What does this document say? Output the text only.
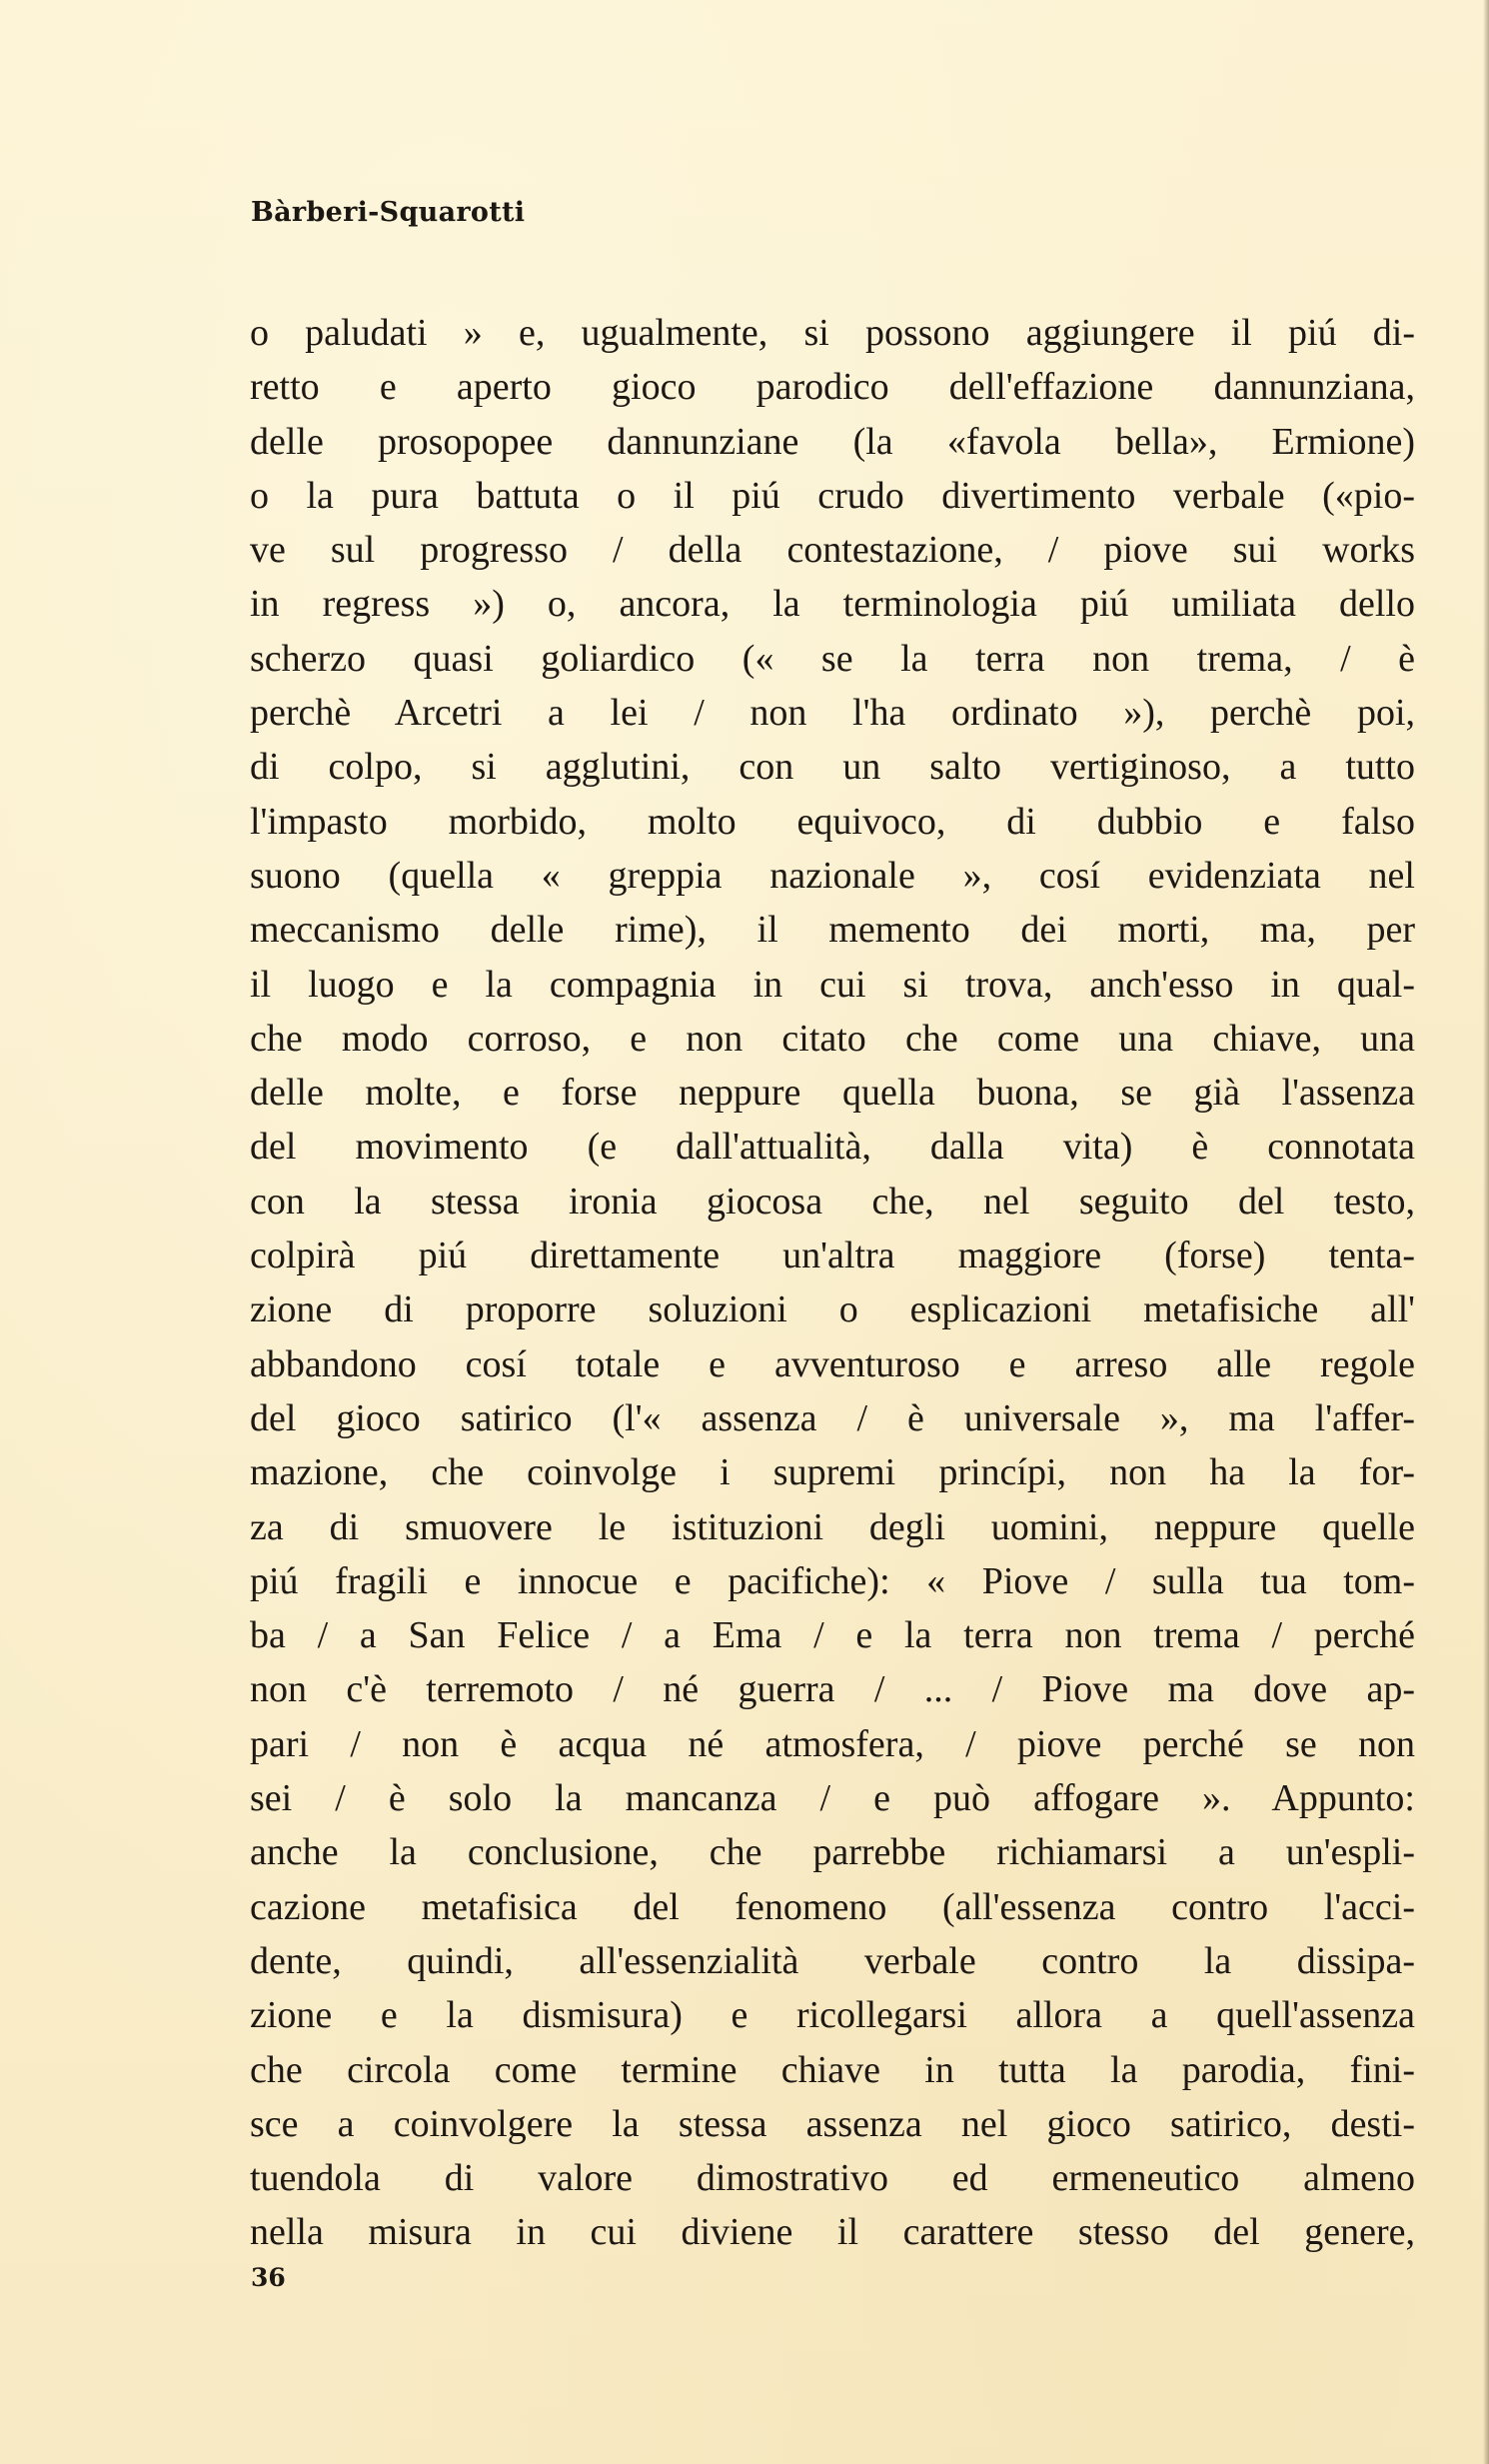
Bàrberi-Squarotti
o paludati » e, ugualmente, si possono aggiungere il piú di-
retto e aperto gioco parodico dell'effazione dannunziana,
delle prosopopee dannunziane (la «favola bella», Ermione)
o la pura battuta o il piú crudo divertimento verbale («pio-
ve sul progresso / della contestazione, / piove sui works
in regress ») o, ancora, la terminologia piú umiliata dello
scherzo quasi goliardico (« se la terra non trema, / è
perchè Arcetri a lei / non l'ha ordinato »), perchè poi,
di colpo, si agglutini, con un salto vertiginoso, a tutto
l'impasto morbido, molto equivoco, di dubbio e falso
suono (quella « greppia nazionale », cosí evidenziata nel
meccanismo delle rime), il memento dei morti, ma, per
il luogo e la compagnia in cui si trova, anch'esso in qual-
che modo corroso, e non citato che come una chiave, una
delle molte, e forse neppure quella buona, se già l'assenza
del movimento (e dall'attualità, dalla vita) è connotata
con la stessa ironia giocosa che, nel seguito del testo,
colpirà piú direttamente un'altra maggiore (forse) tenta-
zione di proporre soluzioni o esplicazioni metafisiche all'
abbandono cosí totale e avventuroso e arreso alle regole
del gioco satirico (l'« assenza / è universale », ma l'affer-
mazione, che coinvolge i supremi princípi, non ha la for-
za di smuovere le istituzioni degli uomini, neppure quelle
piú fragili e innocue e pacifiche): « Piove / sulla tua tom-
ba / a San Felice / a Ema / e la terra non trema / perché
non c'è terremoto / né guerra / ... / Piove ma dove ap-
pari / non è acqua né atmosfera, / piove perché se non
sei / è solo la mancanza / e può affogare ». Appunto:
anche la conclusione, che parrebbe richiamarsi a un'espli-
cazione metafisica del fenomeno (all'essenza contro l'acci-
dente, quindi, all'essenzialità verbale contro la dissipa-
zione e la dismisura) e ricollegarsi allora a quell'assenza
che circola come termine chiave in tutta la parodia, fini-
sce a coinvolgere la stessa assenza nel gioco satirico, desti-
tuendola di valore dimostrativo ed ermeneutico almeno
nella misura in cui diviene il carattere stesso del genere,
36
